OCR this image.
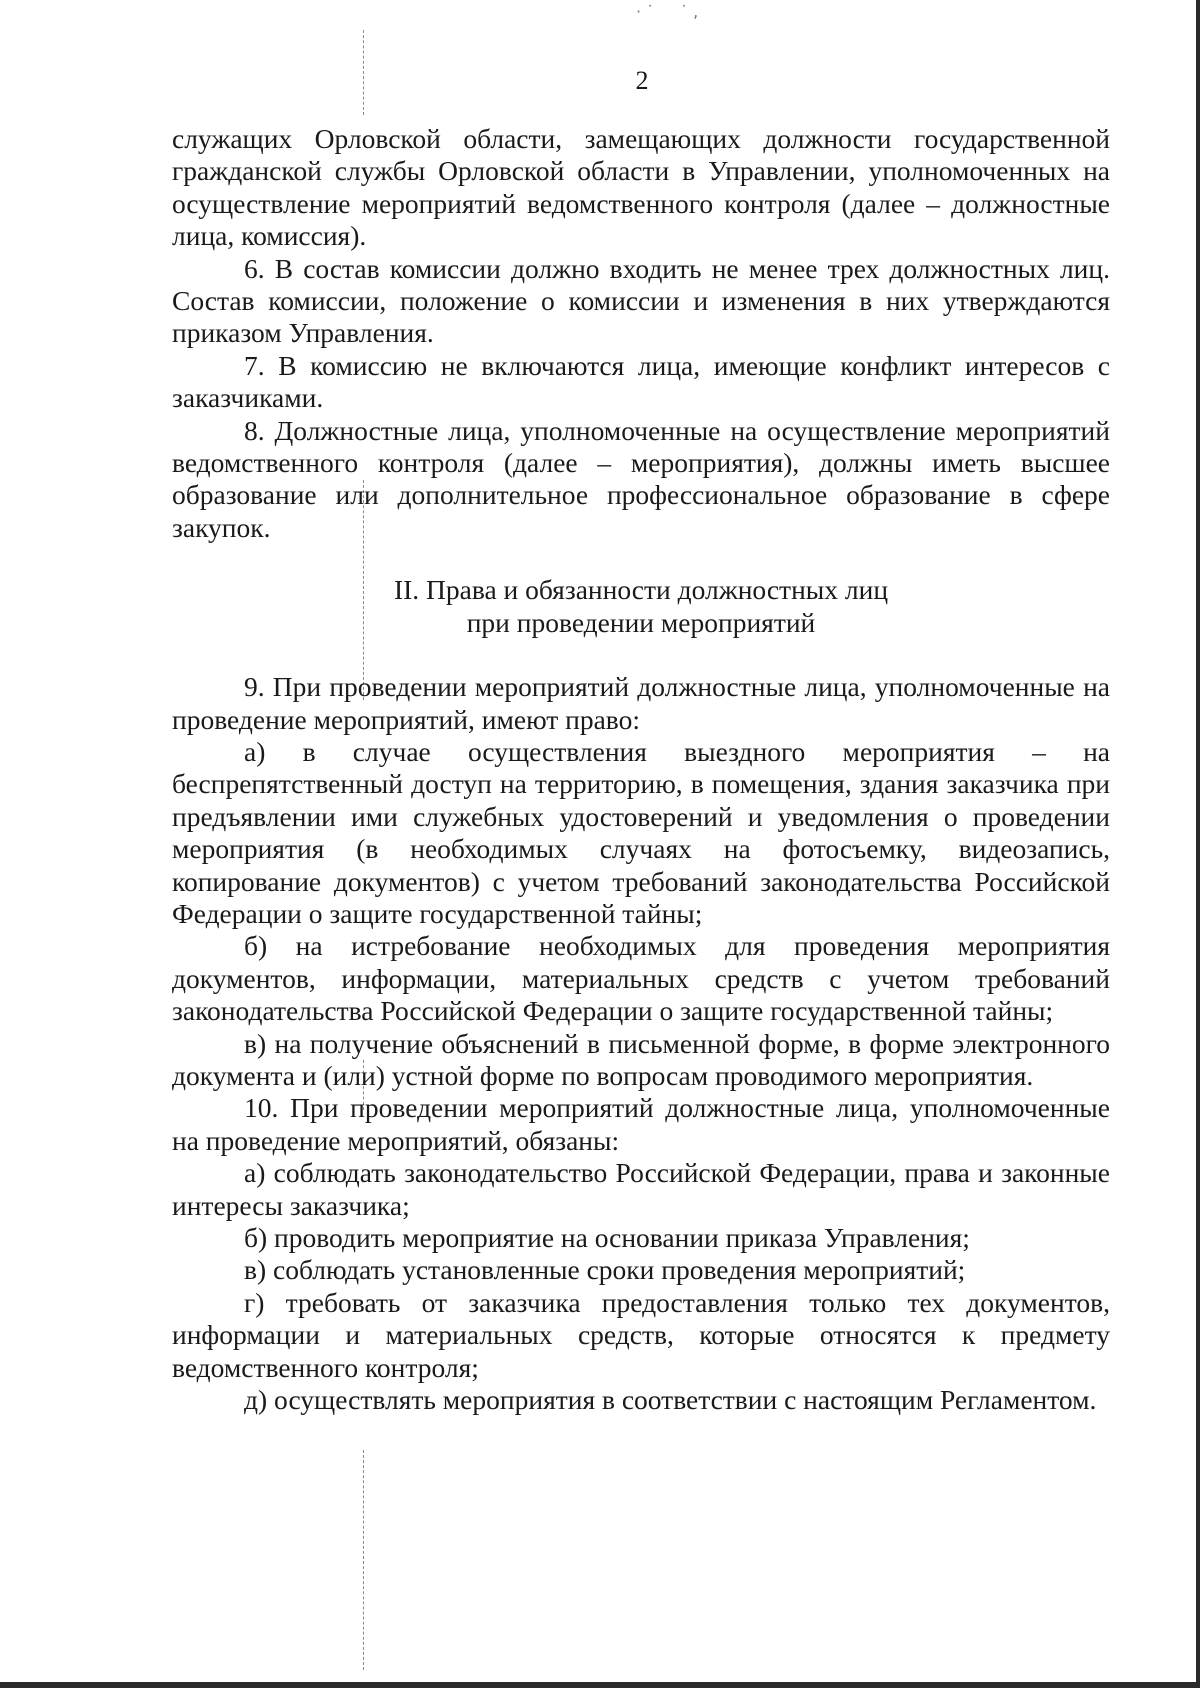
· ˙ ˙ ,
2

служащих Орловской области, замещающих должности государственной гражданской службы Орловской области в Управлении, уполномоченных на осуществление мероприятий ведомственного контроля (далее – должностные лица, комиссия).

6. В состав комиссии должно входить не менее трех должностных лиц. Состав комиссии, положение о комиссии и изменения в них утверждаются приказом Управления.

7. В комиссию не включаются лица, имеющие конфликт интересов с заказчиками.

8. Должностные лица, уполномоченные на осуществление мероприятий ведомственного контроля (далее – мероприятия), должны иметь высшее образование или дополнительное профессиональное образование в сфере закупок.

II. Права и обязанности должностных лиц
при проведении мероприятий

9. При проведении мероприятий должностные лица, уполномоченные на проведение мероприятий, имеют право:

а) в случае осуществления выездного мероприятия – на беспрепятственный доступ на территорию, в помещения, здания заказчика при предъявлении ими служебных удостоверений и уведомления о проведении мероприятия (в необходимых случаях на фотосъемку, видеозапись, копирование документов) с учетом требований законодательства Российской Федерации о защите государственной тайны;

б) на истребование необходимых для проведения мероприятия документов, информации, материальных средств с учетом требований законодательства Российской Федерации о защите государственной тайны;

в) на получение объяснений в письменной форме, в форме электронного документа и (или) устной форме по вопросам проводимого мероприятия.

10. При проведении мероприятий должностные лица, уполномоченные на проведение мероприятий, обязаны:

а) соблюдать законодательство Российской Федерации, права и законные интересы заказчика;

б) проводить мероприятие на основании приказа Управления;

в) соблюдать установленные сроки проведения мероприятий;

г) требовать от заказчика предоставления только тех документов, информации и материальных средств, которые относятся к предмету ведомственного контроля;

д) осуществлять мероприятия в соответствии с настоящим Регламентом.
